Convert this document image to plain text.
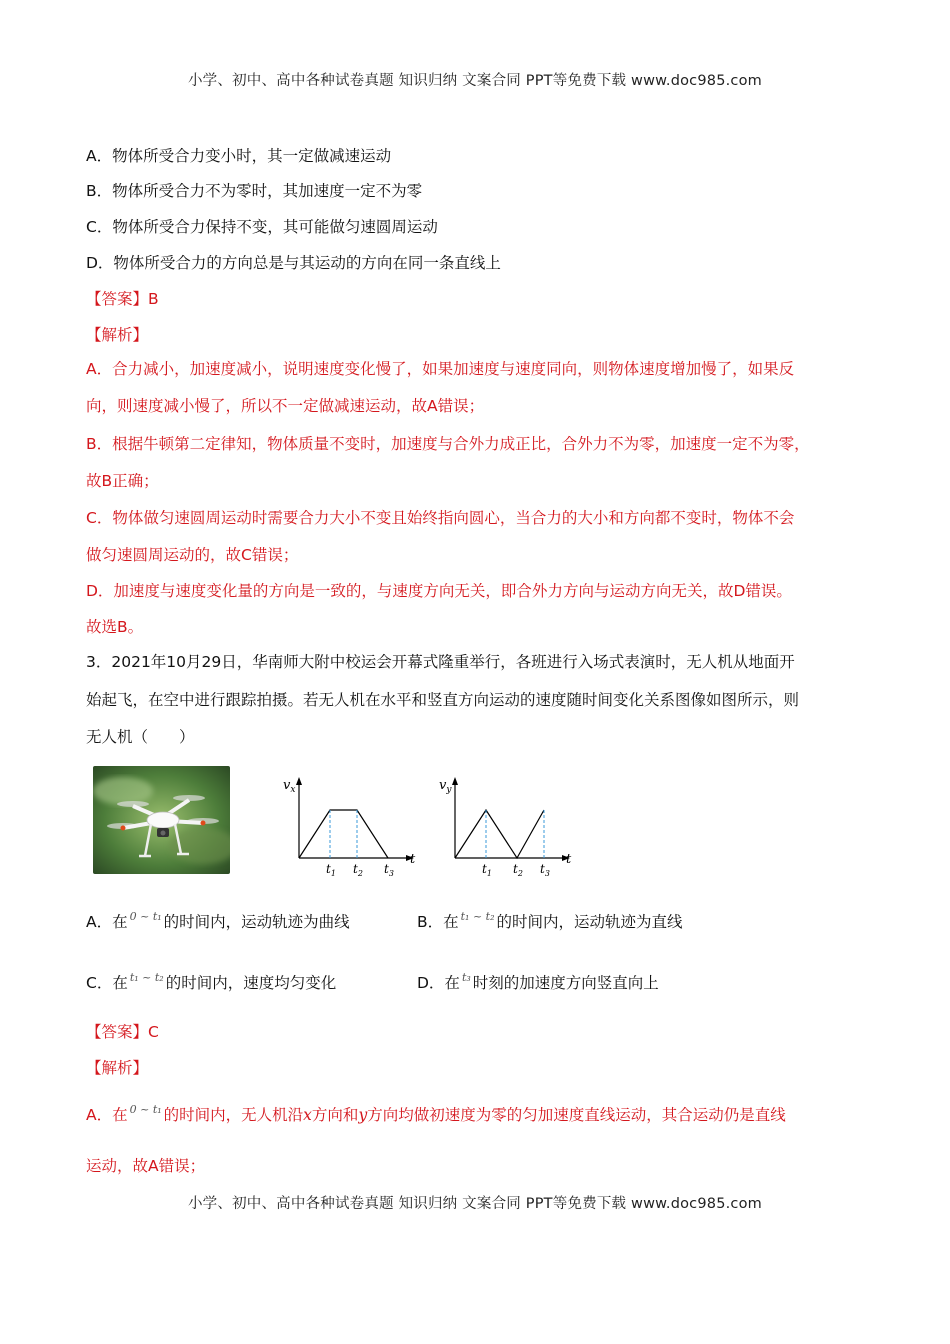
小学、初中、高中各种试卷真题 知识归纳 文案合同 PPT等免费下载 www.doc985.com
A．物体所受合力变小时，其一定做减速运动
B．物体所受合力不为零时，其加速度一定不为零
C．物体所受合力保持不变，其可能做匀速圆周运动
D．物体所受合力的方向总是与其运动的方向在同一条直线上
【答案】B
【解析】
A．合力减小，加速度减小，说明速度变化慢了，如果加速度与速度同向，则物体速度增加慢了，如果反
向，则速度减小慢了，所以不一定做减速运动，故A错误；
B．根据牛顿第二定律知，物体质量不变时，加速度与合外力成正比，合外力不为零，加速度一定不为零，
故B正确；
C．物体做匀速圆周运动时需要合力大小不变且始终指向圆心，当合力的大小和方向都不变时，物体不会
做匀速圆周运动的，故C错误；
D．加速度与速度变化量的方向是一致的，与速度方向无关，即合外力方向与运动方向无关，故D错误。
故选B。
3．2021年10月29日，华南师大附中校运会开幕式隆重举行，各班进行入场式表演时，无人机从地面开
始起飞，在空中进行跟踪拍摄。若无人机在水平和竖直方向运动的速度随时间变化关系图像如图所示，则
无人机（　　）
$v_x$
t
$t_1$ $t_2$ $t_3$
$v_y$
t
$t_1$ $t_2$ $t_3$
A．在 $^{0 \sim t_1}$ 的时间内，运动轨迹为曲线	B．在 $^{t_1 \sim t_2}$ 的时间内，运动轨迹为直线
C．在 $^{t_1 \sim t_2}$ 的时间内，速度均匀变化	D．在 $^{t_3}$ 时刻的加速度方向竖直向上
【答案】C
【解析】
A．在 $^{0 \sim t_1}$ 的时间内，无人机沿x方向和y方向均做初速度为零的匀加速度直线运动，其合运动仍是直线
运动，故A错误；
小学、初中、高中各种试卷真题 知识归纳 文案合同 PPT等免费下载 www.doc985.com
